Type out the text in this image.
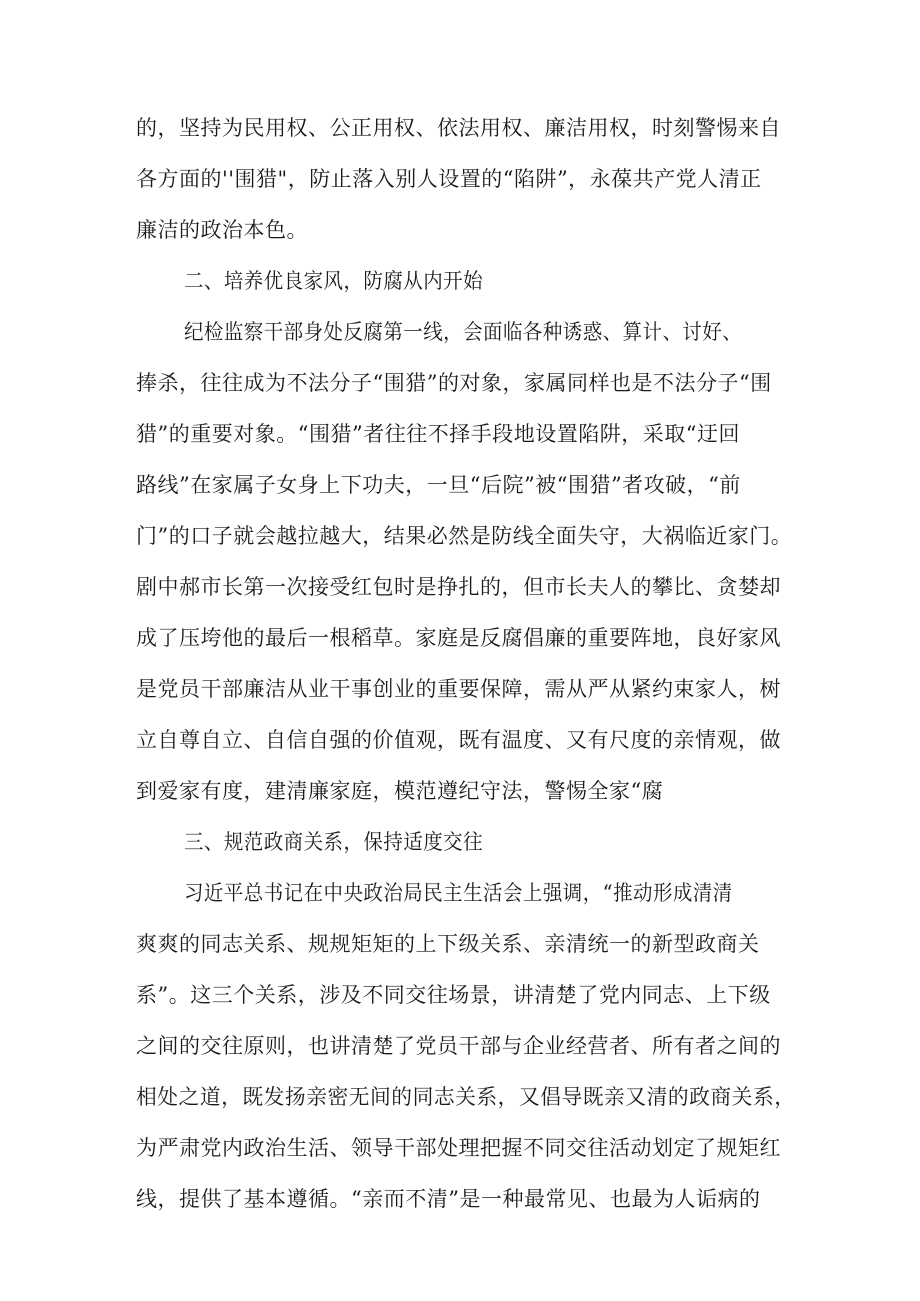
的，坚持为民用权、公正用权、依法用权、廉洁用权，时刻警惕来自
各方面的''围猎"，防止落入别人设置的“陷阱”，永葆共产党人清正
廉洁的政治本色。
二、培养优良家风，防腐从内开始
纪检监察干部身处反腐第一线，会面临各种诱惑、算计、讨好、
捧杀，往往成为不法分子“围猎”的对象，家属同样也是不法分子“围
猎”的重要对象。“围猎”者往往不择手段地设置陷阱，采取“迂回
路线”在家属子女身上下功夫，一旦“后院”被“围猎”者攻破，“前
门”的口子就会越拉越大，结果必然是防线全面失守，大祸临近家门。
剧中郝市长第一次接受红包时是挣扎的，但市长夫人的攀比、贪婪却
成了压垮他的最后一根稻草。家庭是反腐倡廉的重要阵地，良好家风
是党员干部廉洁从业干事创业的重要保障，需从严从紧约束家人，树
立自尊自立、自信自强的价值观，既有温度、又有尺度的亲情观，做
到爱家有度，建清廉家庭，模范遵纪守法，警惕全家“腐
三、规范政商关系，保持适度交往
习近平总书记在中央政治局民主生活会上强调，“推动形成清清
爽爽的同志关系、规规矩矩的上下级关系、亲清统一的新型政商关
系”。这三个关系，涉及不同交往场景，讲清楚了党内同志、上下级
之间的交往原则，也讲清楚了党员干部与企业经营者、所有者之间的
相处之道，既发扬亲密无间的同志关系，又倡导既亲又清的政商关系，
为严肃党内政治生活、领导干部处理把握不同交往活动划定了规矩红
线，提供了基本遵循。“亲而不清”是一种最常见、也最为人诟病的
